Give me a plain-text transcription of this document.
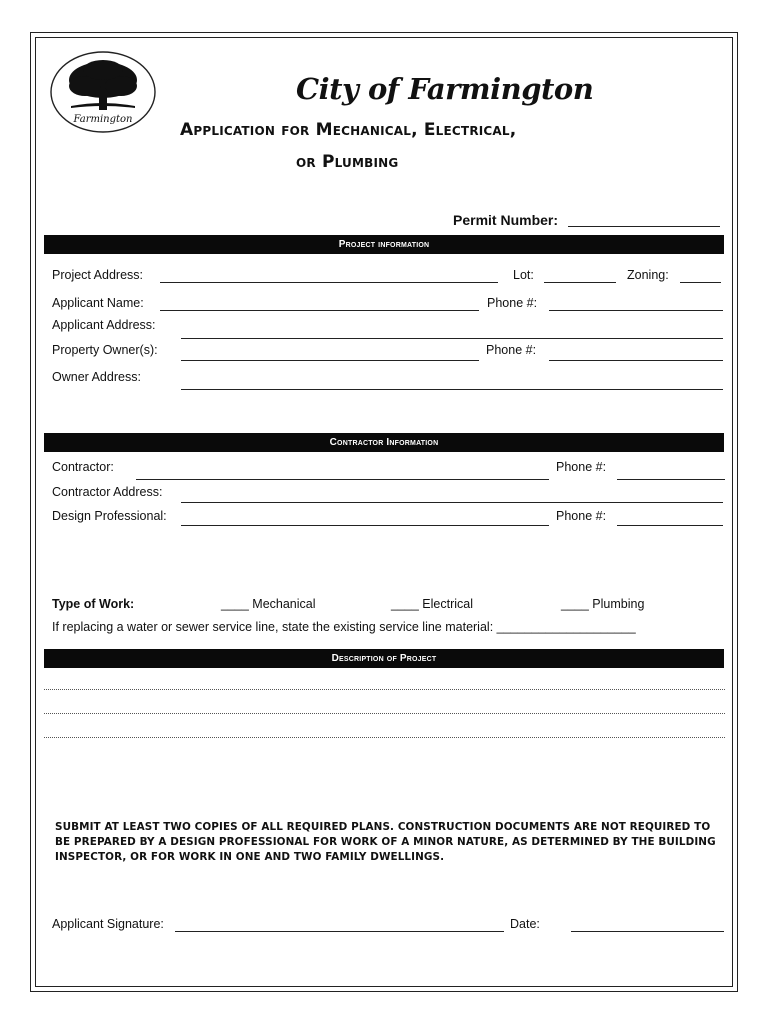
Farmington
City of Farmington
Application for Mechanical, Electrical,
or Plumbing
Permit Number:
Project information
Project Address:	Lot:	Zoning:
Applicant Name:	Phone #:
Applicant Address:
Property Owner(s):	Phone #:
Owner Address:
Contractor Information
Contractor:	Phone #:
Contractor Address:
Design Professional:	Phone #:
Type of Work:	____ Mechanical	____ Electrical	____ Plumbing
If replacing a water or sewer service line, state the existing service line material: ____________________
Description of Project
SUBMIT AT LEAST TWO COPIES OF ALL REQUIRED PLANS. CONSTRUCTION DOCUMENTS ARE NOT REQUIRED TO BE PREPARED BY A DESIGN PROFESSIONAL FOR WORK OF A MINOR NATURE, AS DETERMINED BY THE BUILDING INSPECTOR, OR FOR WORK IN ONE AND TWO FAMILY DWELLINGS.
Applicant Signature:	Date:
